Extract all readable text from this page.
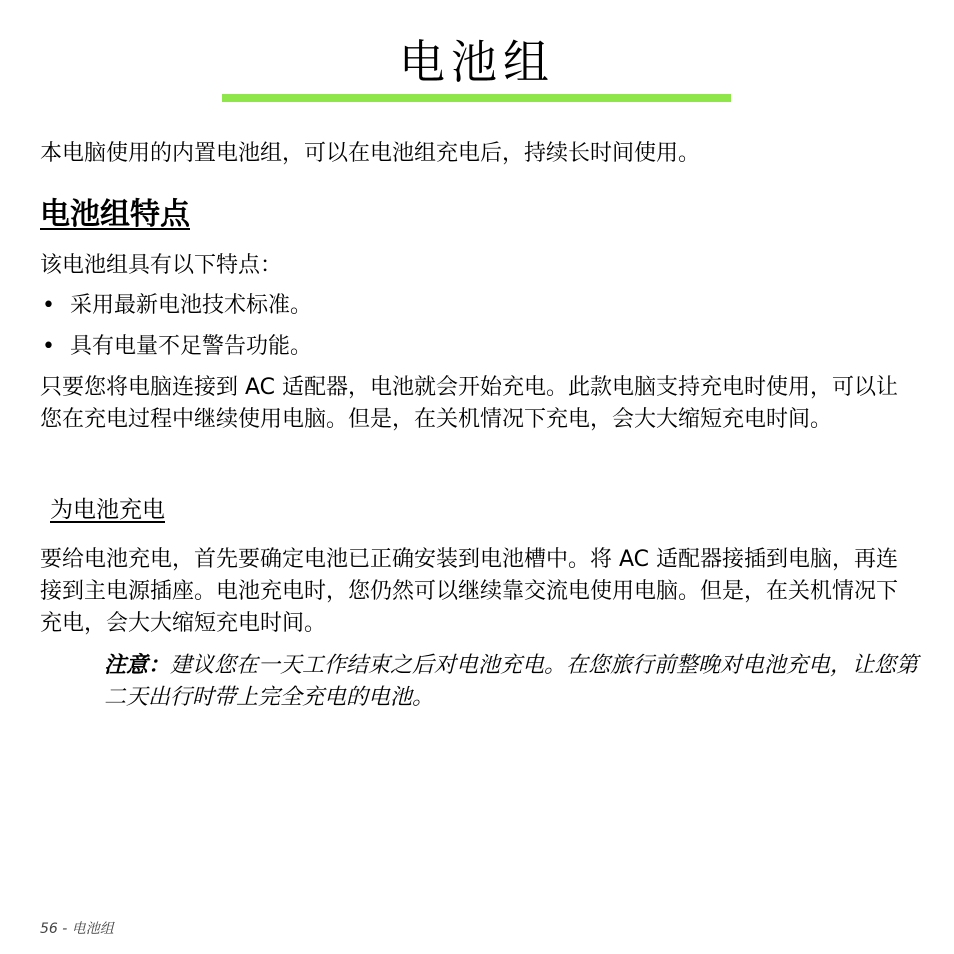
电池组

本电脑使用的内置电池组，可以在电池组充电后，持续长时间使用。

电池组特点

该电池组具有以下特点：

• 采用最新电池技术标准。
• 具有电量不足警告功能。

只要您将电脑连接到 AC 适配器，电池就会开始充电。此款电脑支持充电时使用，可以让您在充电过程中继续使用电脑。但是，在关机情况下充电，会大大缩短充电时间。

为电池充电

要给电池充电，首先要确定电池已正确安装到电池槽中。将 AC 适配器接插到电脑，再连接到主电源插座。电池充电时，您仍然可以继续靠交流电使用电脑。但是，在关机情况下充电，会大大缩短充电时间。

注意：建议您在一天工作结束之后对电池充电。在您旅行前整晚对电池充电，让您第二天出行时带上完全充电的电池。

56 - 电池组
